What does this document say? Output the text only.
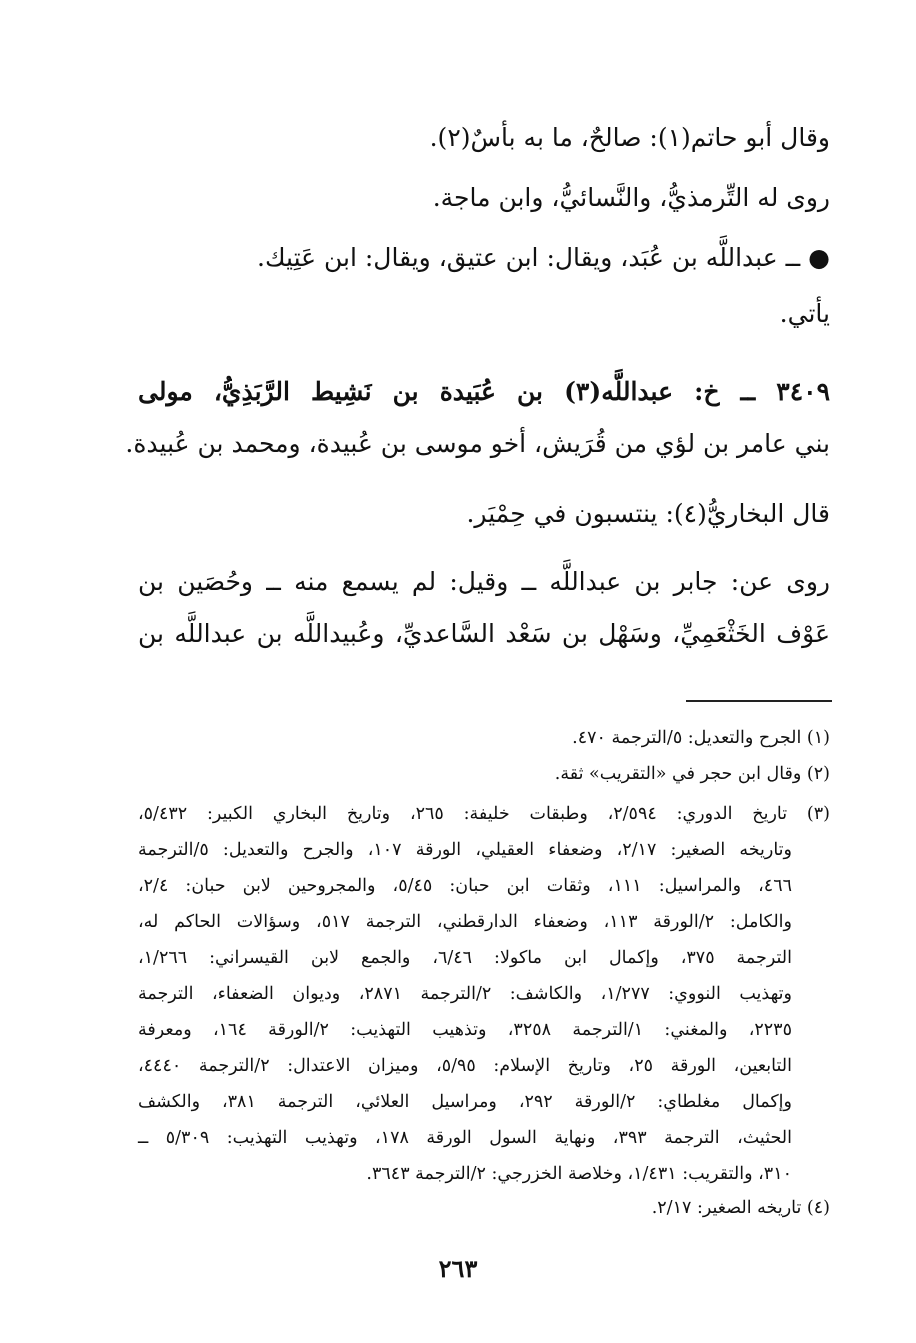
وقال أبو حاتم(١): صالحٌ، ما به بأسٌ(٢).
روى له التِّرمذيُّ، والنَّسائيُّ، وابن ماجة.
● ــ عبداللَّه بن عُبَد، ويقال: ابن عتيق، ويقال: ابن عَتِيك.
يأتي.
٣٤٠٩ ــ خ: عبداللَّه(٣) بن عُبَيدة بن نَشِيط الرَّبَذِيُّ، مولى
بني عامر بن لؤي من قُرَيش، أخو موسى بن عُبيدة، ومحمد بن عُبيدة.
قال البخاريُّ(٤): ينتسبون في حِمْيَر.
روى عن: جابر بن عبداللَّه ــ وقيل: لم يسمع منه ــ وحُصَين بن
عَوْف الخَثْعَمِيِّ، وسَهْل بن سَعْد السَّاعديِّ، وعُبيداللَّه بن عبداللَّه بن
(١) الجرح والتعديل: ٥/الترجمة ٤٧٠.
(٢) وقال ابن حجر في «التقريب» ثقة.
(٣) تاريخ الدوري: ٢/٥٩٤، وطبقات خليفة: ٢٦٥، وتاريخ البخاري الكبير: ٥/٤٣٢،
وتاريخه الصغير: ٢/١٧، وضعفاء العقيلي، الورقة ١٠٧، والجرح والتعديل: ٥/الترجمة
٤٦٦، والمراسيل: ١١١، وثقات ابن حبان: ٥/٤٥، والمجروحين لابن حبان: ٢/٤،
والكامل: ٢/الورقة ١١٣، وضعفاء الدارقطني، الترجمة ٥١٧، وسؤالات الحاكم له،
الترجمة ٣٧٥، وإكمال ابن ماكولا: ٦/٤٦، والجمع لابن القيسراني: ١/٢٦٦،
وتهذيب النووي: ١/٢٧٧، والكاشف: ٢/الترجمة ٢٨٧١، وديوان الضعفاء، الترجمة
٢٢٣٥، والمغني: ١/الترجمة ٣٢٥٨، وتذهيب التهذيب: ٢/الورقة ١٦٤، ومعرفة
التابعين، الورقة ٢٥، وتاريخ الإسلام: ٥/٩٥، وميزان الاعتدال: ٢/الترجمة ٤٤٤٠،
وإكمال مغلطاي: ٢/الورقة ٢٩٢، ومراسيل العلائي، الترجمة ٣٨١، والكشف
الحثيث، الترجمة ٣٩٣، ونهاية السول الورقة ١٧٨، وتهذيب التهذيب: ٥/٣٠٩ ــ
٣١٠، والتقريب: ١/٤٣١، وخلاصة الخزرجي: ٢/الترجمة ٣٦٤٣.
(٤) تاريخه الصغير: ٢/١٧.
٢٦٣
